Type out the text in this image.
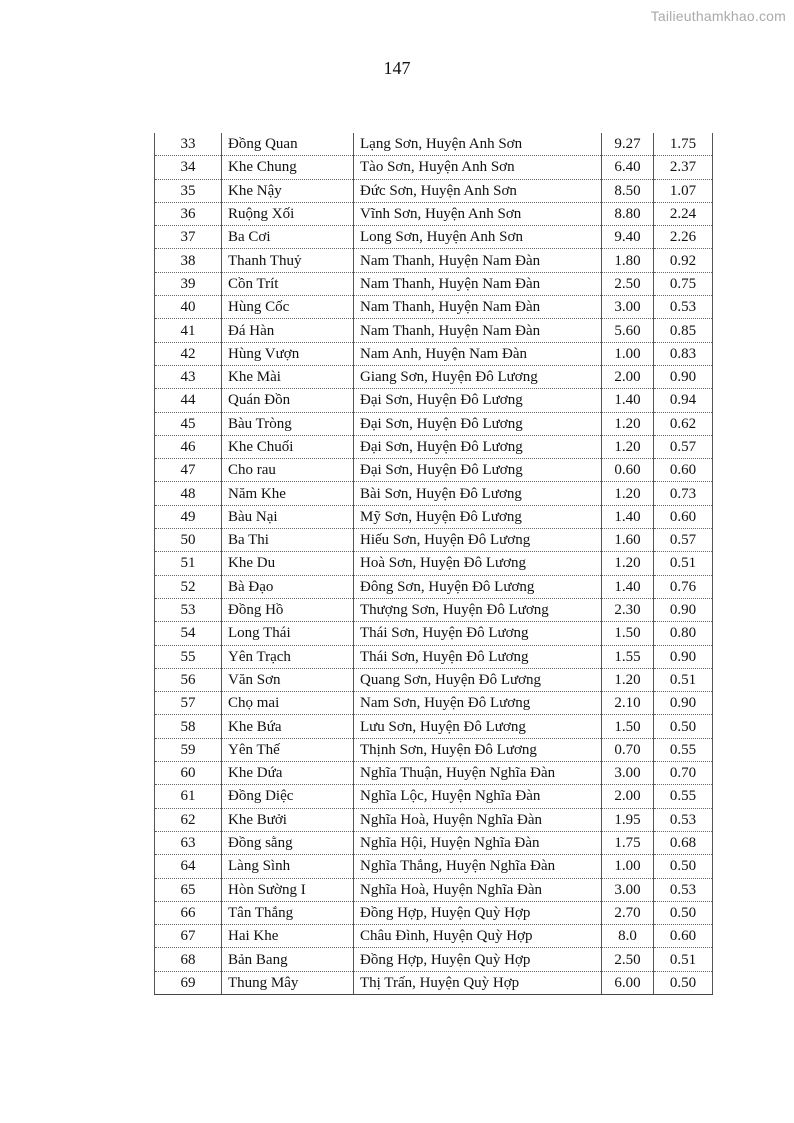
Tailieuthamkhao.com
147
33	Đồng Quan	Lạng Sơn, Huyện Anh Sơn	9.27	1.75
34	Khe Chung	Tào Sơn, Huyện Anh Sơn	6.40	2.37
35	Khe Nậy	Đức Sơn, Huyện Anh Sơn	8.50	1.07
36	Ruộng Xối	Vĩnh Sơn, Huyện Anh Sơn	8.80	2.24
37	Ba Cơi	Long Sơn, Huyện Anh Sơn	9.40	2.26
38	Thanh Thuỷ	Nam Thanh, Huyện Nam Đàn	1.80	0.92
39	Cồn Trít	Nam Thanh, Huyện Nam Đàn	2.50	0.75
40	Hùng Cốc	Nam Thanh, Huyện Nam Đàn	3.00	0.53
41	Đá Hàn	Nam Thanh, Huyện Nam Đàn	5.60	0.85
42	Hùng Vượn	Nam Anh, Huyện Nam Đàn	1.00	0.83
43	Khe Mài	Giang Sơn, Huyện Đô Lương	2.00	0.90
44	Quán Đồn	Đại Sơn, Huyện Đô Lương	1.40	0.94
45	Bàu Tròng	Đại Sơn, Huyện Đô Lương	1.20	0.62
46	Khe Chuối	Đại Sơn, Huyện Đô Lương	1.20	0.57
47	Cho rau	Đại Sơn, Huyện Đô Lương	0.60	0.60
48	Năm Khe	Bài Sơn, Huyện Đô Lương	1.20	0.73
49	Bàu Nại	Mỹ Sơn, Huyện Đô Lương	1.40	0.60
50	Ba Thi	Hiếu Sơn, Huyện Đô Lương	1.60	0.57
51	Khe Du	Hoà Sơn, Huyện Đô Lương	1.20	0.51
52	Bà Đạo	Đông Sơn, Huyện Đô Lương	1.40	0.76
53	Đồng Hồ	Thượng Sơn, Huyện Đô Lương	2.30	0.90
54	Long Thái	Thái Sơn, Huyện Đô Lương	1.50	0.80
55	Yên Trạch	Thái Sơn, Huyện Đô Lương	1.55	0.90
56	Văn Sơn	Quang Sơn, Huyện Đô Lương	1.20	0.51
57	Chọ mai	Nam Sơn, Huyện Đô Lương	2.10	0.90
58	Khe Bứa	Lưu Sơn, Huyện Đô Lương	1.50	0.50
59	Yên Thế	Thịnh Sơn, Huyện Đô Lương	0.70	0.55
60	Khe Dứa	Nghĩa Thuận, Huyện Nghĩa Đàn	3.00	0.70
61	Đồng Diệc	Nghĩa Lộc, Huyện Nghĩa Đàn	2.00	0.55
62	Khe Bưởi	Nghĩa Hoà, Huyện Nghĩa Đàn	1.95	0.53
63	Đồng sằng	Nghĩa Hội, Huyện Nghĩa Đàn	1.75	0.68
64	Làng Sình	Nghĩa Thắng, Huyện Nghĩa Đàn	1.00	0.50
65	Hòn Sường I	Nghĩa Hoà, Huyện Nghĩa Đàn	3.00	0.53
66	Tân Thắng	Đồng Hợp, Huyện Quỳ Hợp	2.70	0.50
67	Hai Khe	Châu Đình, Huyện Quỳ Hợp	8.0	0.60
68	Bản Bang	Đồng Hợp, Huyện Quỳ Hợp	2.50	0.51
69	Thung Mây	Thị Trấn, Huyện Quỳ Hợp	6.00	0.50
